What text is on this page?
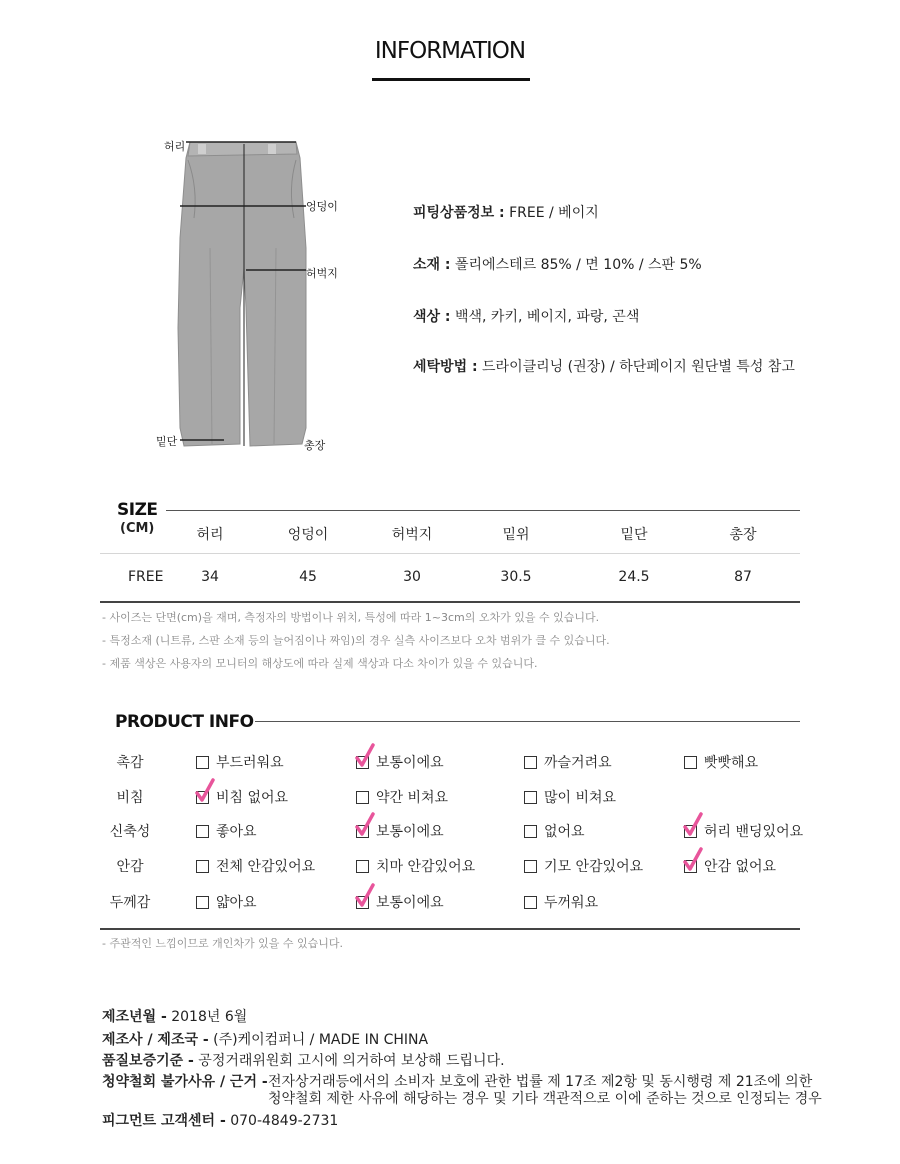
INFORMATION
허리
엉덩이
허벅지
밑단	총장
피팅상품정보 : FREE / 베이지
소재 : 폴리에스테르 85% / 면 10% / 스판 5%
색상 : 백색, 카키, 베이지, 파랑, 곤색
세탁방법 : 드라이클리닝 (권장) / 하단페이지 원단별 특성 참고
SIZE
(CM)	허리	엉덩이	허벅지	밑위	밑단	총장
FREE	34	45	30	30.5	24.5	87
- 사이즈는 단면(cm)을 재며, 측정자의 방법이나 위치, 특성에 따라 1~3cm의 오차가 있을 수 있습니다.
- 특정소재 (니트류, 스판 소재 등의 늘어짐이나 짜임)의 경우 실측 사이즈보다 오차 범위가 클 수 있습니다.
- 제품 색상은 사용자의 모니터의 해상도에 따라 실제 색상과 다소 차이가 있을 수 있습니다.
PRODUCT INFO
촉감	부드러워요	보통이에요	까슬거려요	빳빳해요
비침	비침 없어요	약간 비쳐요	많이 비쳐요
신축성	좋아요	보통이에요	없어요	허리 밴딩있어요
안감	전체 안감있어요	치마 안감있어요	기모 안감있어요	안감 없어요
두께감	얇아요	보통이에요	두꺼워요
- 주관적인 느낌이므로 개인차가 있을 수 있습니다.
제조년월 - 2018년 6월
제조사 / 제조국 - (주)케이컴퍼니 / MADE IN CHINA
품질보증기준 - 공정거래위원회 고시에 의거하여 보상해 드립니다.
청약철회 불가사유 / 근거 - 전자상거래등에서의 소비자 보호에 관한 법률 제 17조 제2항 및 동시행령 제 21조에 의한
청약철회 제한 사유에 해당하는 경우 및 기타 객관적으로 이에 준하는 것으로 인정되는 경우
피그먼트 고객센터 - 070-4849-2731
